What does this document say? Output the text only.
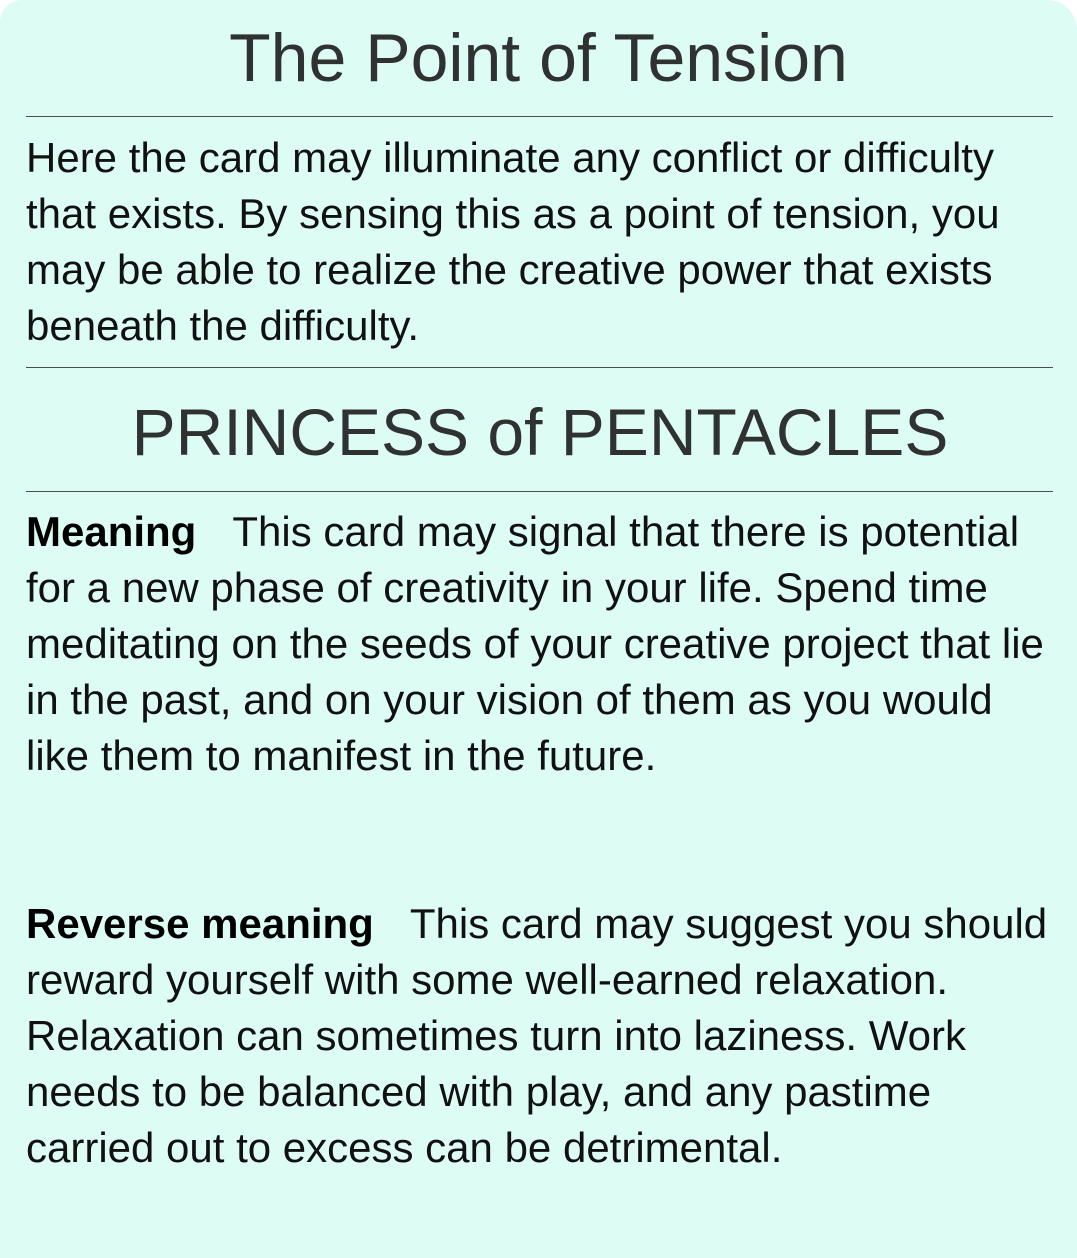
The Point of Tension

Here the card may illuminate any conflict or difficulty that exists. By sensing this as a point of tension, you may be able to realize the creative power that exists beneath the difficulty.

PRINCESS of PENTACLES

Meaning This card may signal that there is potential for a new phase of creativity in your life. Spend time meditating on the seeds of your creative project that lie in the past, and on your vision of them as you would like them to manifest in the future.

Reverse meaning This card may suggest you should reward yourself with some well-earned relaxation. Relaxation can sometimes turn into laziness. Work needs to be balanced with play, and any pastime carried out to excess can be detrimental.
